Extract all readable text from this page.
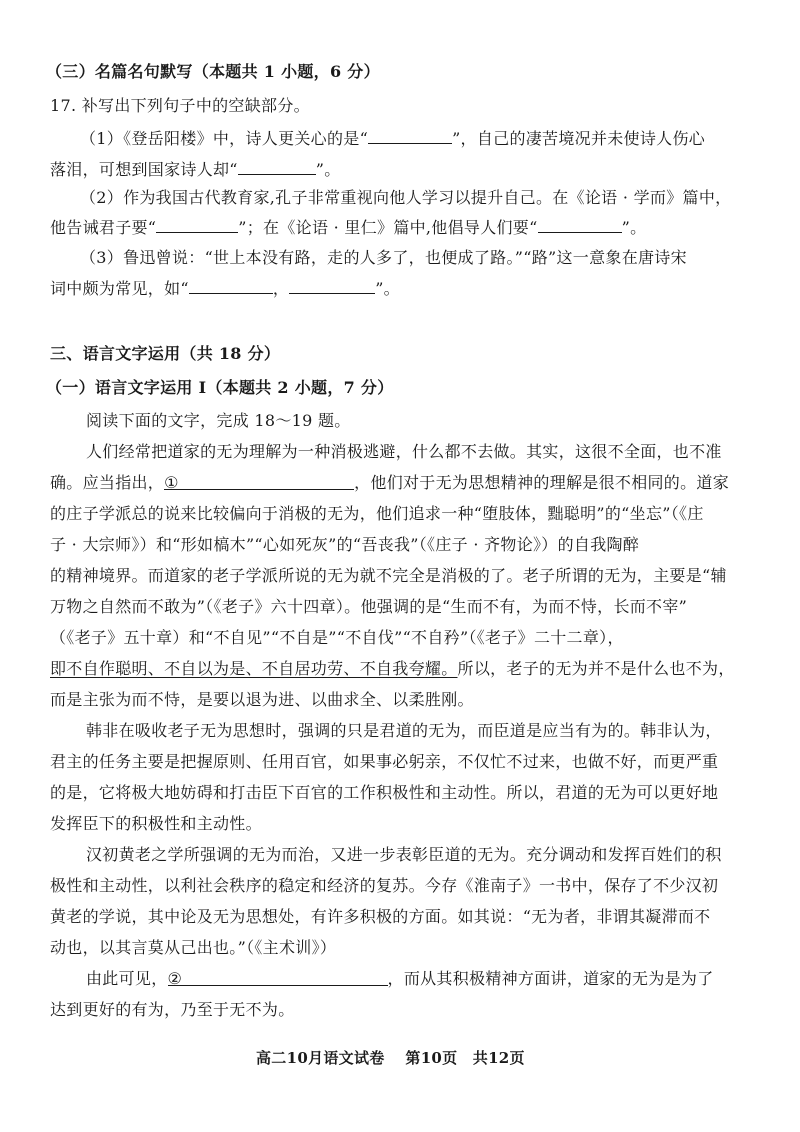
（三）名篇名句默写（本题共 1 小题，6 分）
17. 补写出下列句子中的空缺部分。
（1）《登岳阳楼》中，诗人更关心的是“	”，自己的凄苦境况并未使诗人伤心
落泪，可想到国家诗人却“	”。
（2）作为我国古代教育家,孔子非常重视向他人学习以提升自己。在《论语 · 学而》篇中，
他告诫君子要“	”；在《论语 · 里仁》篇中,他倡导人们要“	”。
（3）鲁迅曾说：“世上本没有路，走的人多了，也便成了路。”“路”这一意象在唐诗宋
词中颇为常见，如“	，	”。
三、语言文字运用（共 18 分）
（一）语言文字运用 Ⅰ（本题共 2 小题，7 分）
阅读下面的文字，完成 18～19 题。
人们经常把道家的无为理解为一种消极逃避，什么都不去做。其实，这很不全面，也不准
确。应当指出，①	，他们对于无为思想精神的理解是很不相同的。道家
的庄子学派总的说来比较偏向于消极的无为，他们追求一种“堕肢体，黜聪明”的“坐忘”（《庄
子 · 大宗师》）和“形如槁木”“心如死灰”的“吾丧我”（《庄子 · 齐物论》）的自我陶醉
的精神境界。而道家的老子学派所说的无为就不完全是消极的了。老子所谓的无为，主要是“辅
万物之自然而不敢为”（《老子》六十四章）。他强调的是“生而不有，为而不恃，长而不宰”
（《老子》五十章）和“不自见”“不自是”“不自伐”“不自矜”（《老子》二十二章），
即不自作聪明、不自以为是、不自居功劳、不自我夸耀。所以，老子的无为并不是什么也不为，
而是主张为而不恃，是要以退为进、以曲求全、以柔胜刚。
韩非在吸收老子无为思想时，强调的只是君道的无为，而臣道是应当有为的。韩非认为，
君主的任务主要是把握原则、任用百官，如果事必躬亲，不仅忙不过来，也做不好，而更严重
的是，它将极大地妨碍和打击臣下百官的工作积极性和主动性。所以，君道的无为可以更好地
发挥臣下的积极性和主动性。
汉初黄老之学所强调的无为而治，又进一步表彰臣道的无为。充分调动和发挥百姓们的积
极性和主动性，以利社会秩序的稳定和经济的复苏。今存《淮南子》一书中，保存了不少汉初
黄老的学说，其中论及无为思想处，有许多积极的方面。如其说：“无为者，非谓其凝滞而不
动也，以其言莫从己出也。”（《主术训》）
由此可见，②	，而从其积极精神方面讲，道家的无为是为了
达到更好的有为，乃至于无不为。
高二10月语文试卷　 第10页　共12页
